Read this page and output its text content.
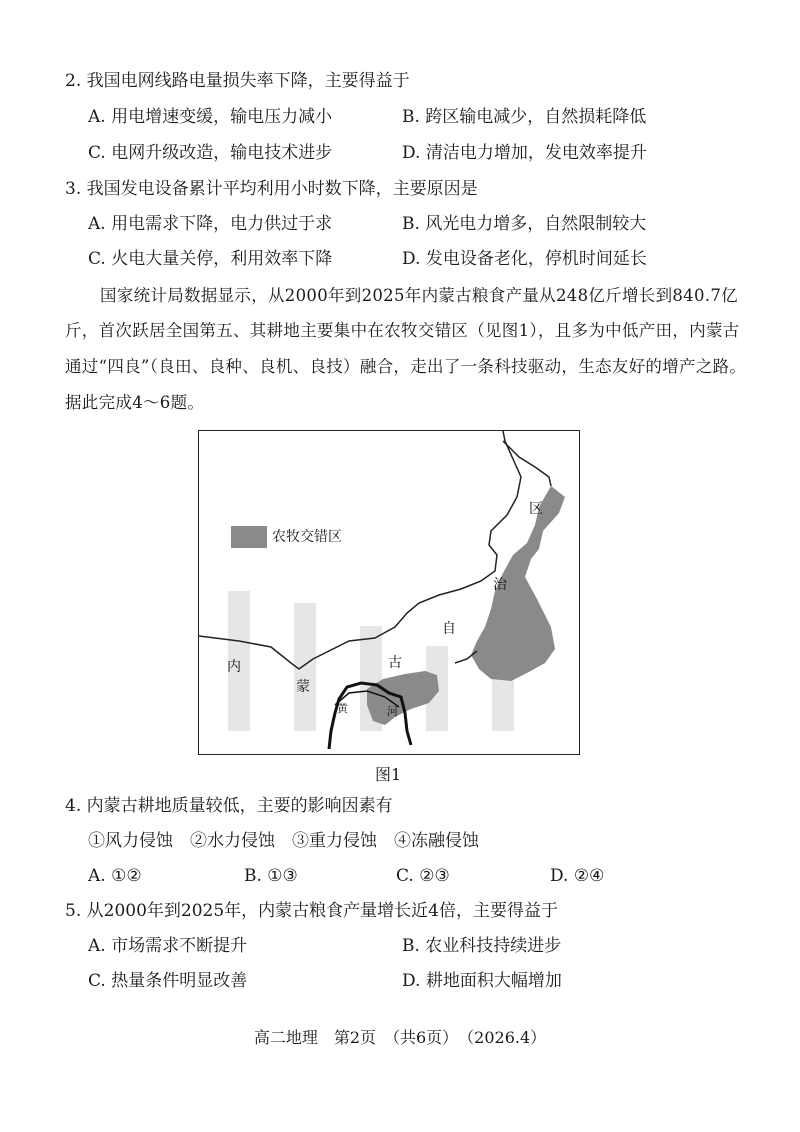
2. 我国电网线路电量损失率下降，主要得益于
A. 用电增速变缓，输电压力减小	B. 跨区输电减少，自然损耗降低
C. 电网升级改造，输电技术进步	D. 清洁电力增加，发电效率提升
3. 我国发电设备累计平均利用小时数下降，主要原因是
A. 用电需求下降，电力供过于求	B. 风光电力增多，自然限制较大
C. 火电大量关停，利用效率下降	D. 发电设备老化，停机时间延长
国家统计局数据显示，从2000年到2025年内蒙古粮食产量从248亿斤增长到840.7亿
斤，首次跃居全国第五、其耕地主要集中在农牧交错区（见图1），且多为中低产田，内蒙古
通过“四良”（良田、良种、良机、良技）融合，走出了一条科技驱动，生态友好的增产之路。
据此完成4～6题。
农牧交错区
内
蒙
古
自
治
区
黄	河
图1
4. 内蒙古耕地质量较低，主要的影响因素有
①风力侵蚀　②水力侵蚀　③重力侵蚀　④冻融侵蚀
A. ①②	B. ①③	C. ②③	D. ②④
5. 从2000年到2025年，内蒙古粮食产量增长近4倍，主要得益于
A. 市场需求不断提升	B. 农业科技持续进步
C. 热量条件明显改善	D. 耕地面积大幅增加
高二地理　第2页　（共6页）　（2026.4）
